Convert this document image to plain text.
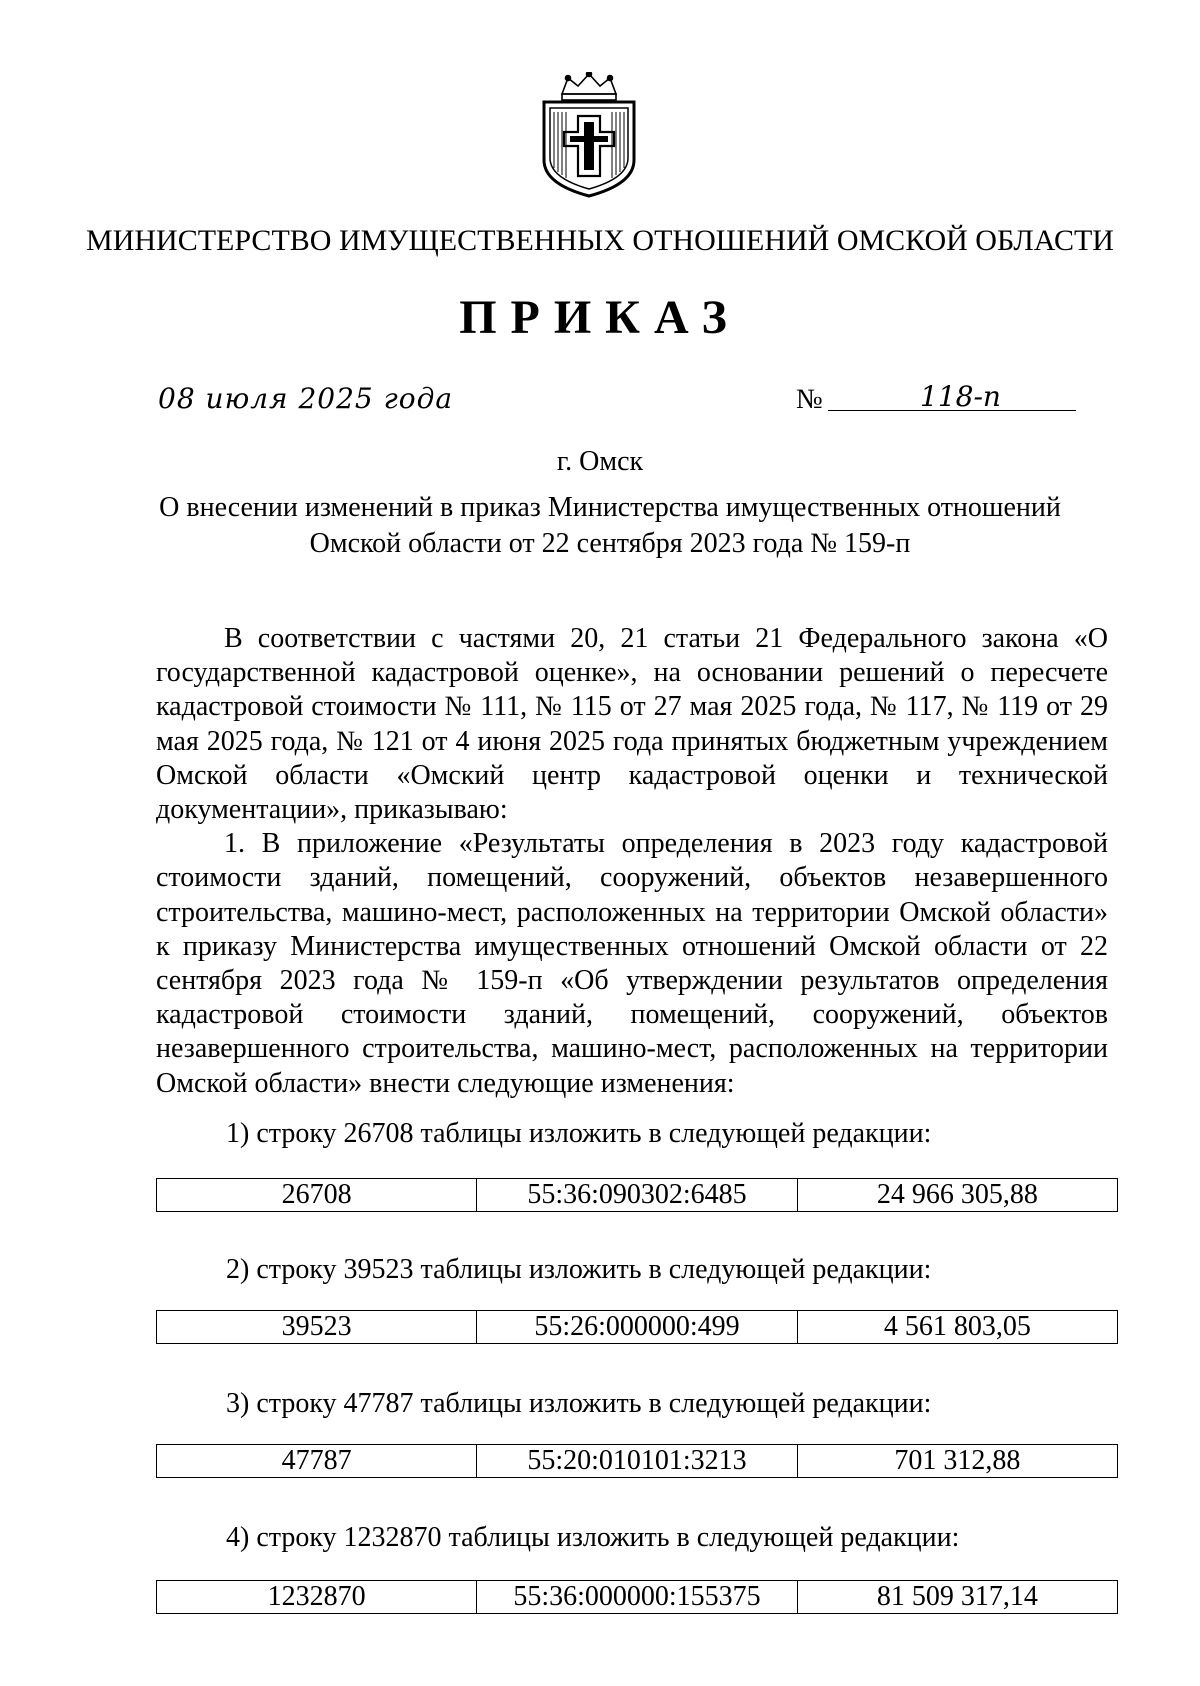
МИНИСТЕРСТВО ИМУЩЕСТВЕННЫХ ОТНОШЕНИЙ ОМСКОЙ ОБЛАСТИ
ПРИКАЗ
08 июля 2025 года	№	118-п
г. Омск
О внесении изменений в приказ Министерства имущественных отношений
Омской области от 22 сентября 2023 года № 159-п

В соответствии с частями 20, 21 статьи 21 Федерального закона «О государственной кадастровой оценке», на основании решений о пересчете кадастровой стоимости № 111, № 115 от 27 мая 2025 года, № 117, № 119 от 29 мая 2025 года, № 121 от 4 июня 2025 года принятых бюджетным учреждением Омской области «Омский центр кадастровой оценки и технической документации», приказываю:

1. В приложение «Результаты определения в 2023 году кадастровой стоимости зданий, помещений, сооружений, объектов незавершенного строительства, машино-мест, расположенных на территории Омской области» к приказу Министерства имущественных отношений Омской области от 22 сентября 2023 года № 159-п «Об утверждении результатов определения кадастровой стоимости зданий, помещений, сооружений, объектов незавершенного строительства, машино-мест, расположенных на территории Омской области» внести следующие изменения:

1) строку 26708 таблицы изложить в следующей редакции:
26708	55:36:090302:6485	24 966 305,88
2) строку 39523 таблицы изложить в следующей редакции:
39523	55:26:000000:499	4 561 803,05
3) строку 47787 таблицы изложить в следующей редакции:
47787	55:20:010101:3213	701 312,88
4) строку 1232870 таблицы изложить в следующей редакции:
1232870	55:36:000000:155375	81 509 317,14
